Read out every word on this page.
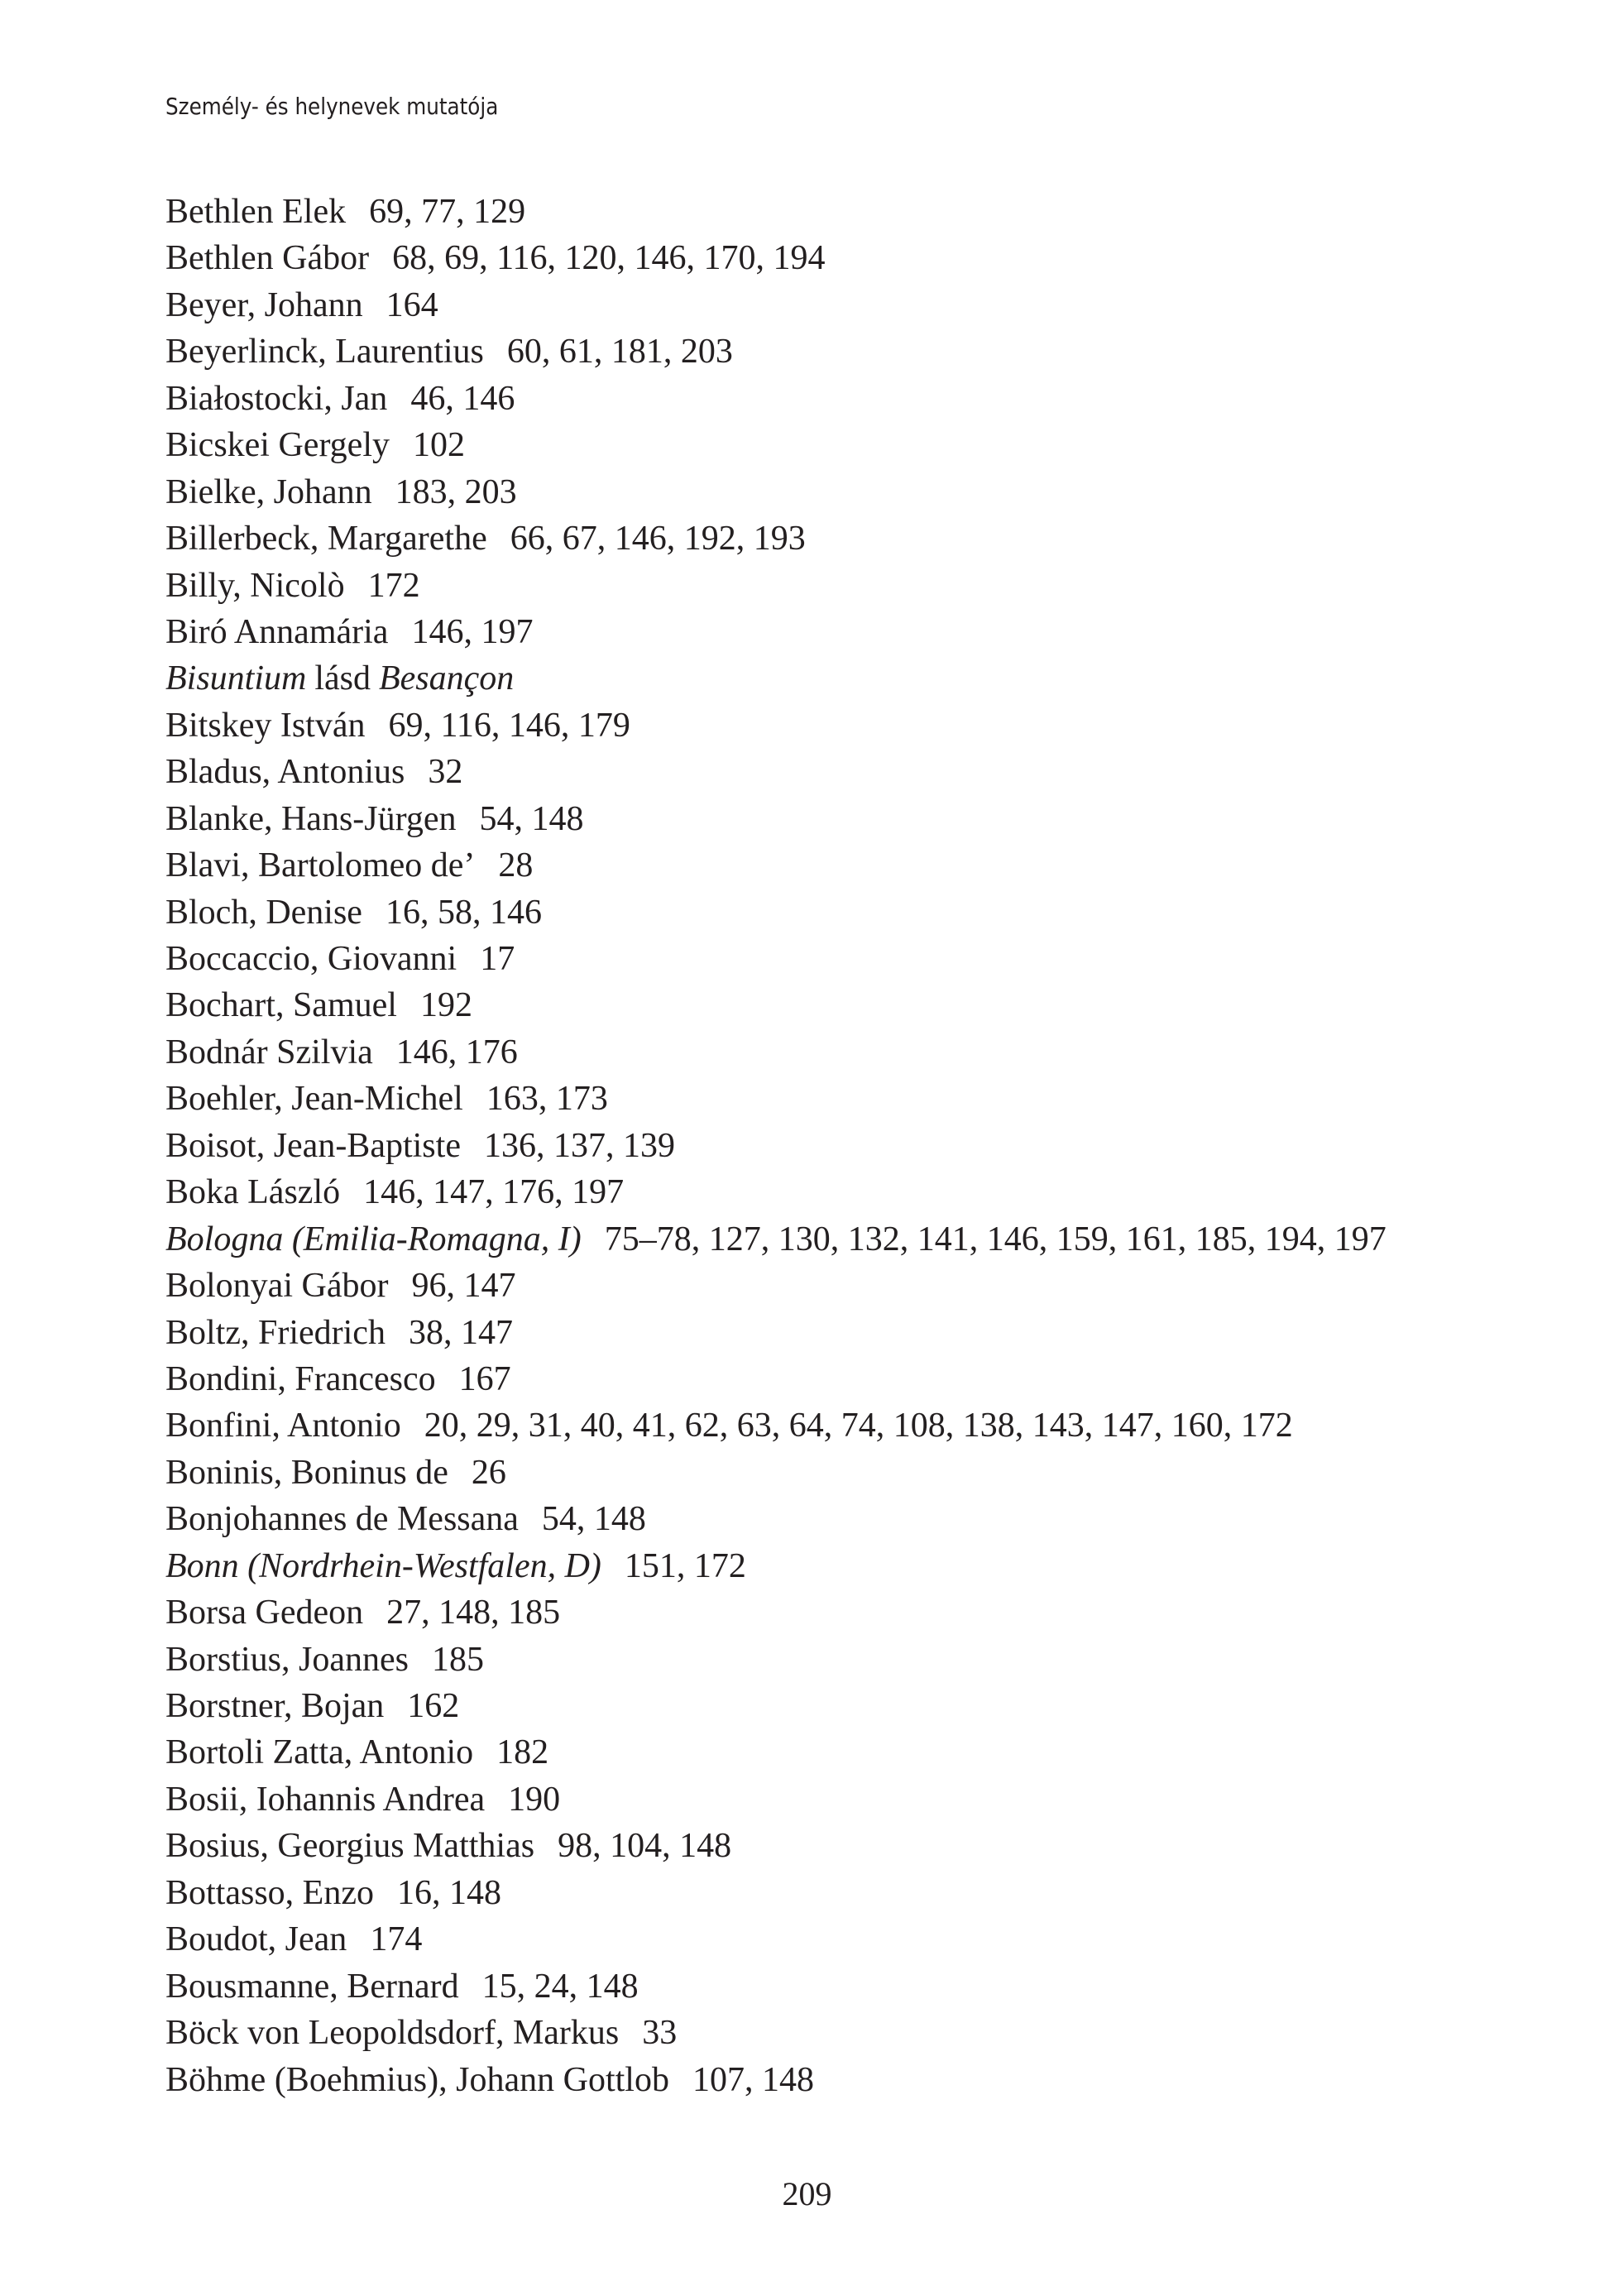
Személy- és helynevek mutatója
Bethlen Elek 69, 77, 129
Bethlen Gábor 68, 69, 116, 120, 146, 170, 194
Beyer, Johann 164
Beyerlinck, Laurentius 60, 61, 181, 203
Białostocki, Jan 46, 146
Bicskei Gergely 102
Bielke, Johann 183, 203
Billerbeck, Margarethe 66, 67, 146, 192, 193
Billy, Nicolò 172
Biró Annamária 146, 197
Bisuntium lásd Besançon
Bitskey István 69, 116, 146, 179
Bladus, Antonius 32
Blanke, Hans-Jürgen 54, 148
Blavi, Bartolomeo de’ 28
Bloch, Denise 16, 58, 146
Boccaccio, Giovanni 17
Bochart, Samuel 192
Bodnár Szilvia 146, 176
Boehler, Jean-Michel 163, 173
Boisot, Jean-Baptiste 136, 137, 139
Boka László 146, 147, 176, 197
Bologna (Emilia-Romagna, I) 75–78, 127, 130, 132, 141, 146, 159, 161, 185, 194, 197
Bolonyai Gábor 96, 147
Boltz, Friedrich 38, 147
Bondini, Francesco 167
Bonfini, Antonio 20, 29, 31, 40, 41, 62, 63, 64, 74, 108, 138, 143, 147, 160, 172
Boninis, Boninus de 26
Bonjohannes de Messana 54, 148
Bonn (Nordrhein-Westfalen, D) 151, 172
Borsa Gedeon 27, 148, 185
Borstius, Joannes 185
Borstner, Bojan 162
Bortoli Zatta, Antonio 182
Bosii, Iohannis Andrea 190
Bosius, Georgius Matthias 98, 104, 148
Bottasso, Enzo 16, 148
Boudot, Jean 174
Bousmanne, Bernard 15, 24, 148
Böck von Leopoldsdorf, Markus 33
Böhme (Boehmius), Johann Gottlob 107, 148
209
